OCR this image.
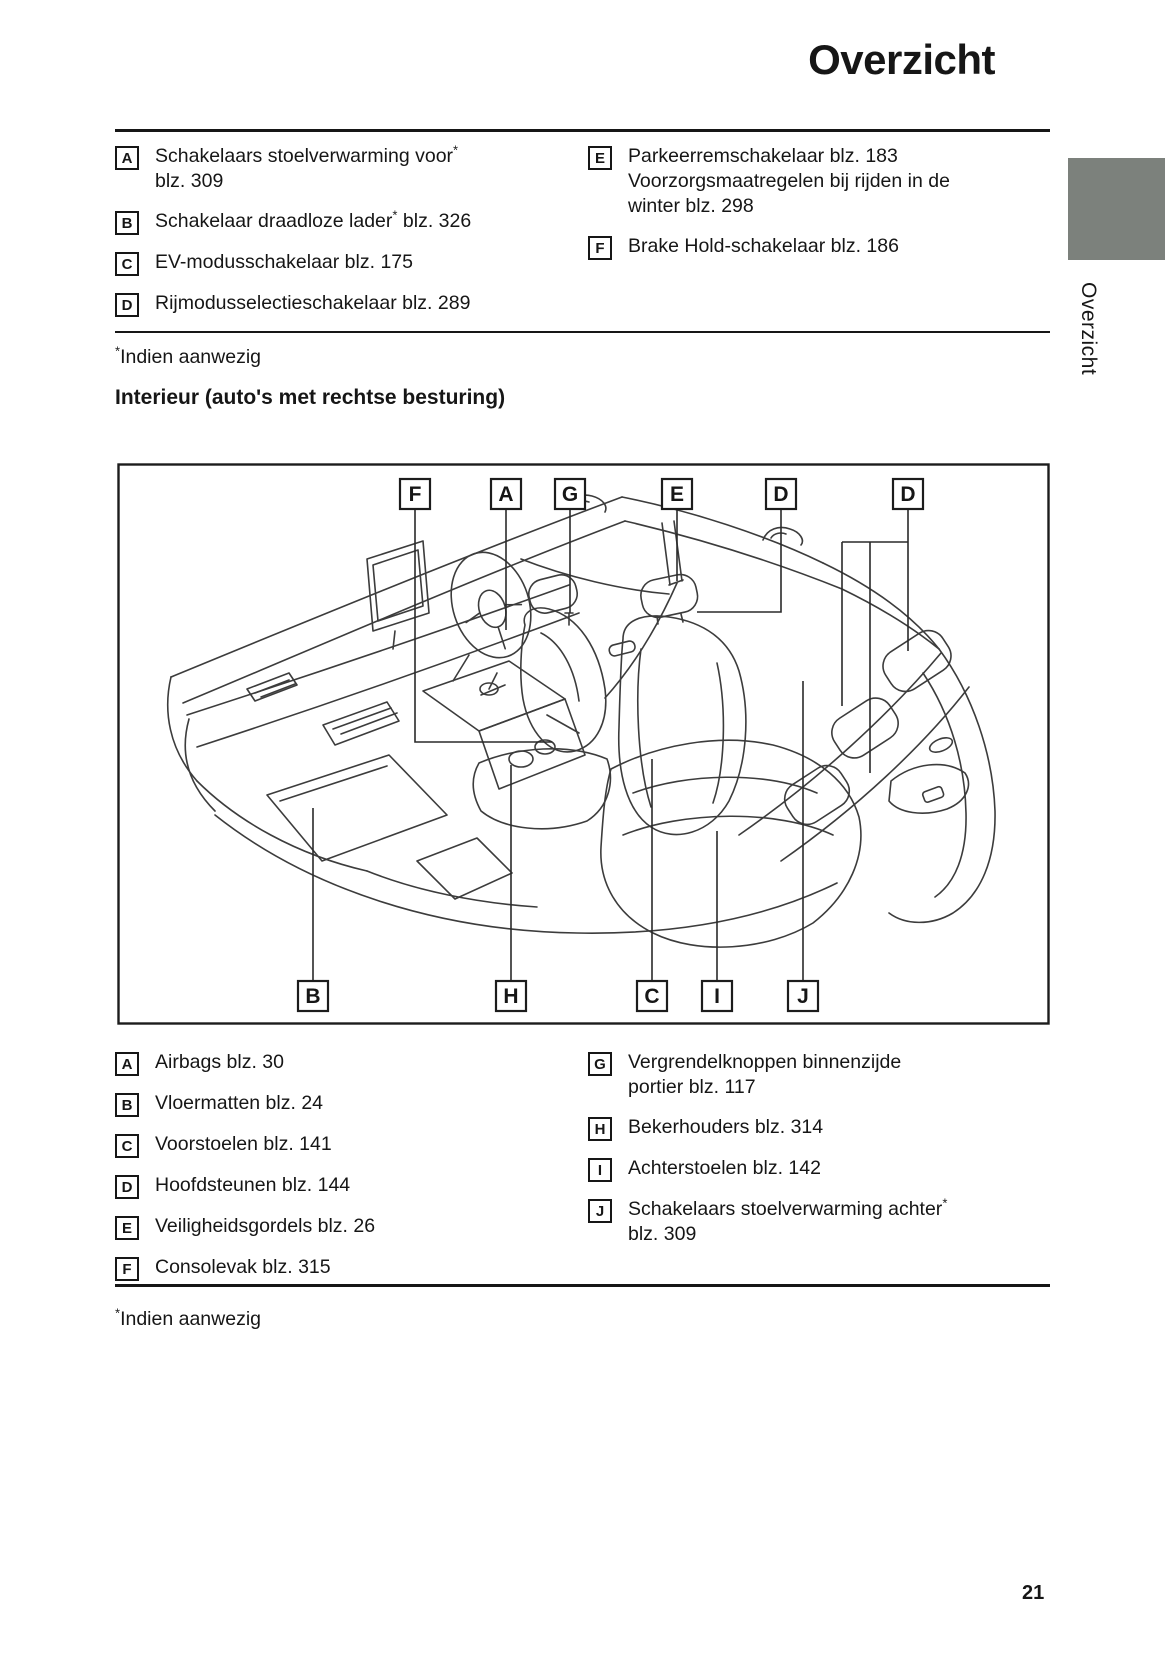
Overzicht
A	Schakelaars stoelverwarming voor*
blz. 309
B	Schakelaar draadloze lader* blz. 326
C	EV-modusschakelaar blz. 175
D	Rijmodusselectieschakelaar blz. 289
E	Parkeerremschakelaar blz. 183
Voorzorgsmaatregelen bij rijden in de
winter blz. 298
F	Brake Hold-schakelaar blz. 186
*Indien aanwezig
Interieur (auto's met rechtse besturing)
Overzicht
F	A G	E	D	D
B	H	C	I	J
A	Airbags blz. 30
B	Vloermatten blz. 24
C	Voorstoelen blz. 141
D	Hoofdsteunen blz. 144
E	Veiligheidsgordels blz. 26
F	Consolevak blz. 315
G	Vergrendelknoppen binnenzijde
portier blz. 117
H	Bekerhouders blz. 314
I	Achterstoelen blz. 142
J	Schakelaars stoelverwarming achter*
blz. 309
*Indien aanwezig
21
